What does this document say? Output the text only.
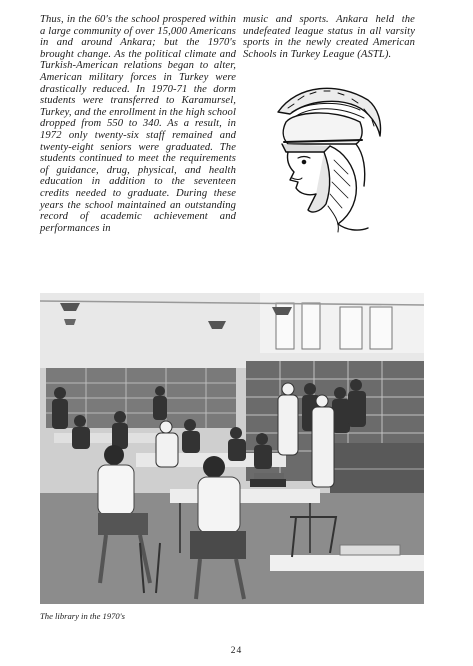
Thus, in the 60's the school prospered within a large community of over 15,000 Americans in and around Ankara; but the 1970's brought change. As the political climate and Turkish-American relations began to alter, American military forces in Turkey were drastically reduced. In 1970-71 the dorm students were transferred to Karamursel, Turkey, and the enrollment in the high school dropped from 550 to 340. As a result, in 1972 only twenty-six staff remained and twenty-eight seniors were graduated. The students continued to meet the requirements of guidance, drug, physical, and health education in addition to the seventeen credits needed to graduate. During these years the school maintained an outstanding record of academic achievement and performances in
music and sports. Ankara held the undefeated league status in all varsity sports in the newly created American Schools in Turkey League (ASTL).
The library in the 1970's
24
